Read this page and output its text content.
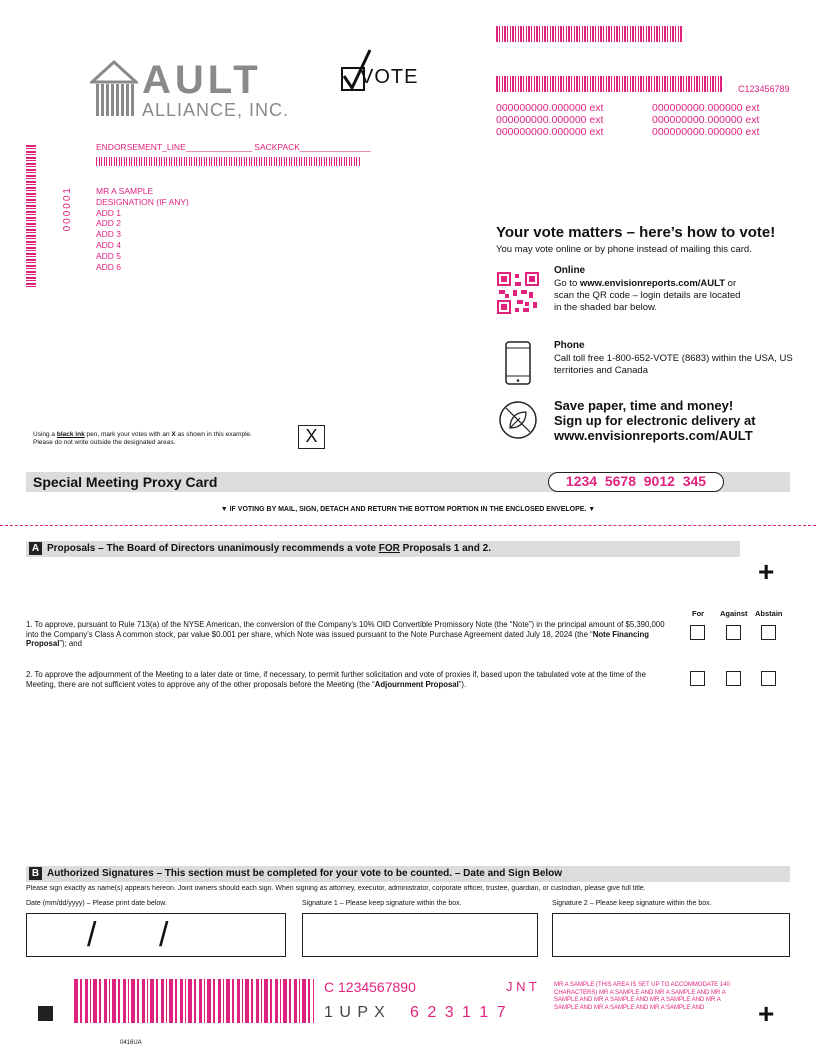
C123456789
000000000.000000 ext	000000000.000000 ext
000000000.000000 ext	000000000.000000 ext
000000000.000000 ext	000000000.000000 ext
AULT
ALLIANCE, INC.
VOTE
000001
ENDORSEMENT_LINE______________ SACKPACK_______________
MR A SAMPLE
DESIGNATION (IF ANY)
ADD 1
ADD 2
ADD 3
ADD 4
ADD 5
ADD 6
Your vote matters – here’s how to vote!
You may vote online or by phone instead of mailing this card.
Online
Go to www.envisionreports.com/AULT or scan the QR code – login details are located in the shaded bar below.
Phone
Call toll free 1-800-652-VOTE (8683) within the USA, US territories and Canada
Save paper, time and money!
Sign up for electronic delivery at
www.envisionreports.com/AULT
Using a black ink pen, mark your votes with an X as shown in this example.
Please do not write outside the designated areas.	X
Special Meeting Proxy Card	1234  5678  9012  345
▼ IF VOTING BY MAIL, SIGN, DETACH AND RETURN THE BOTTOM PORTION IN THE ENCLOSED ENVELOPE. ▼
A Proposals – The Board of Directors unanimously recommends a vote FOR Proposals 1 and 2.
+
For Against Abstain
1. To approve, pursuant to Rule 713(a) of the NYSE American, the conversion of the Company’s 10% OID Convertible Promissory Note (the “Note”) in the principal amount of $5,390,000 into the Company’s Class A common stock, par value $0.001 per share, which Note was issued pursuant to the Note Purchase Agreement dated July 18, 2024 (the “Note Financing Proposal”); and
2. To approve the adjournment of the Meeting to a later date or time, if necessary, to permit further solicitation and vote of proxies if, based upon the tabulated vote at the time of the Meeting, there are not sufficient votes to approve any of the other proposals before the Meeting (the “Adjournment Proposal”).
B Authorized Signatures – This section must be completed for your vote to be counted. – Date and Sign Below
Please sign exactly as name(s) appears hereon. Joint owners should each sign. When signing as attorney, executor, administrator, corporate officer, trustee, guardian, or custodian, please give full title.
Date (mm/dd/yyyy) – Please print date below.	Signature 1 – Please keep signature within the box.	Signature 2 – Please keep signature within the box.
/ /
C 1234567890	J N T
1 U P X 6 2 3 1 1 7
MR A SAMPLE (THIS AREA IS SET UP TO ACCOMMODATE 140 CHARACTERS) MR A SAMPLE AND MR A SAMPLE AND MR A SAMPLE AND MR A SAMPLE AND MR A SAMPLE AND MR A SAMPLE AND MR A SAMPLE AND MR A SAMPLE AND	+
0416UA
